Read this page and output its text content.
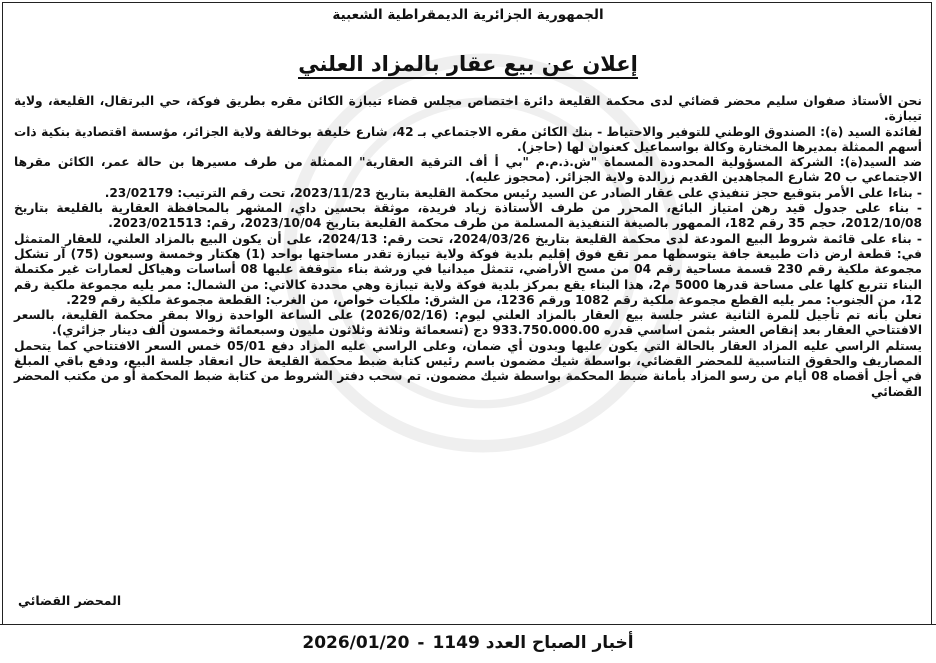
الجمهورية الجزائرية الديمقراطية الشعبية
إعلان عن بيع عقار بالمزاد العلني

نحن الأستاذ صفوان سليم محضر قضائي لدى محكمة القليعة دائرة اختصاص مجلس قضاء تيبازة الكائن مقره بطريق فوكة، حي البرتقال، القليعة، ولاية تيبازة.

لفائدة السيد (ة): الصندوق الوطني للتوفير والاحتياط - بنك الكائن مقره الاجتماعي بـ 42، شارع خليفة بوخالفة ولاية الجزائر، مؤسسة اقتصادية بنكية ذات أسهم الممثلة بمديرها المختارة وكالة بواسماعيل كعنوان لها (حاجز).

ضد السيد(ة): الشركة المسؤولية المحدودة المسماة "ش.ذ.م.م "بي أ أف الترقية العقارية" الممثلة من طرف مسيرها بن حالة عمر، الكائن مقرها الاجتماعي ب 20 شارع المجاهدين القديم زرالدة ولاية الجزائر. (محجوز عليه).

- بناءا على الأمر بتوقيع حجز تنفيذي على عقار الصادر عن السيد رئيس محكمة القليعة بتاريخ 2023/11/23، تحت رقم الترتيب: 23/02179.

- بناء على جدول قيد رهن امتياز البائع، المحرر من طرف الأستاذة زياد فريدة، موثقة بحسين داي، المشهر بالمحافظة العقارية بالقليعة بتاريخ 2012/10/08، حجم 35 رقم 182، الممهور بالصيغة التنفيذية المسلمة من طرف محكمة القليعة بتاريخ 2023/10/04، رقم: 2023/021513.

- بناء على قائمة شروط البيع المودعة لدى محكمة القليعة بتاريخ 2024/03/26، تحت رقم: 2024/13، على أن يكون البيع بالمزاد العلني، للعقار المتمثل في: قطعة ارض ذات طبيعة جافة يتوسطها ممر تقع فوق إقليم بلدية فوكة ولاية تيبازة تقدر مساحتها بواحد (1) هكتار وخمسة وسبعون (75) آر تشكل مجموعة ملكية رقم 230 قسمة مساحية رقم 04 من مسح الأراضي، تتمثل ميدانيا في ورشة بناء متوقفة عليها 08 أساسات وهياكل لعمارات غير مكتملة البناء تتربع كلها على مساحة قدرها 5000 م2، هذا البناء يقع بمركز بلدية فوكة ولاية تيبازة وهي محددة كالاتي: من الشمال: ممر يليه مجموعة ملكية رقم 12، من الجنوب: ممر يليه القطع مجموعة ملكية رقم 1082 ورقم 1236، من الشرق: ملكيات خواص، من الغرب: القطعة مجموعة ملكية رقم 229.

نعلن بأنه تم تأجيل للمرة الثانية عشر جلسة بيع العقار بالمزاد العلني ليوم: (2026/02/16) على الساعة الواحدة زوالا بمقر محكمة القليعة، بالسعر الافتتاحي العقار بعد إنقاص العشر بثمن اساسي قدره 933.750.000.00 دج (تسعمائة وثلاثة وثلاثون مليون وسبعمائة وخمسون ألف دينار جزائري).

يستلم الراسي عليه المزاد العقار بالحالة التي يكون عليها وبدون أي ضمان، وعلى الراسي عليه المزاد دفع 05/01 خمس السعر الافتتاحي كما يتحمل المصاريف والحقوق التناسبية للمحضر القضائي، بواسطة شيك مضمون باسم رئيس كتابة ضبط محكمة القليعة حال انعقاد جلسة البيع، ودفع باقي المبلغ في أجل أقصاه 08 أيام من رسو المزاد بأمانة ضبط المحكمة بواسطة شيك مضمون. تم سحب دفتر الشروط من كتابة ضبط المحكمة أو من مكتب المحضر القضائي

المحضر القضائي
2026/01/20 - أخبار الصباح العدد 1149
